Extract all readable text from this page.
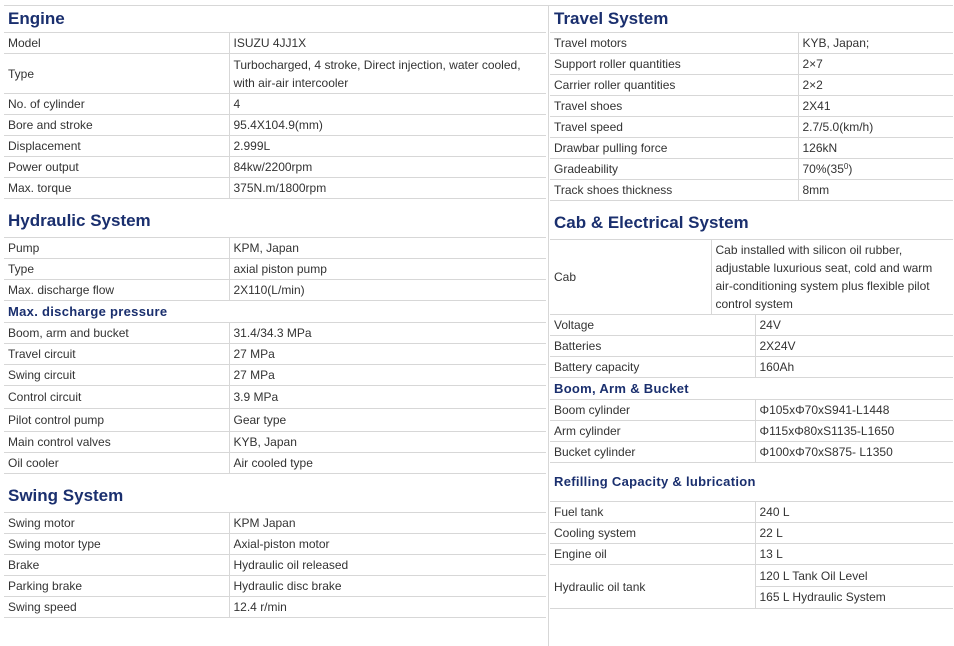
Engine
Model	ISUZU 4JJ1X
Type	Turbocharged, 4 stroke, Direct injection, water cooled, with air-air intercooler
No. of cylinder	4
Bore and stroke	95.4X104.9(mm)
Displacement	2.999L
Power output	84kw/2200rpm
Max. torque	375N.m/1800rpm
Hydraulic System
Pump	KPM, Japan
Type	axial piston pump
Max. discharge flow	2X110(L/min)
Max. discharge pressure
Boom, arm and bucket	31.4/34.3 MPa
Travel circuit	27 MPa
Swing circuit	27 MPa
Control circuit	3.9 MPa
Pilot control pump	Gear type
Main control valves	KYB, Japan
Oil cooler	Air cooled type
Swing System
Swing motor	KPM Japan
Swing motor type	Axial-piston motor
Brake	Hydraulic oil released
Parking brake	Hydraulic disc brake
Swing speed	12.4 r/min
Travel System
Travel motors	KYB, Japan;
Support roller quantities	2×7
Carrier roller quantities	2×2
Travel shoes	2X41
Travel speed	2.7/5.0(km/h)
Drawbar pulling force	126kN
Gradeability	$70\%(35^0)$
Track shoes thickness	8mm
Cab & Electrical System
Cab	Cab installed with silicon oil rubber, adjustable luxurious seat, cold and warm air-conditioning system plus flexible pilot control system
Voltage	24V
Batteries	2X24V
Battery capacity	160Ah
Boom, Arm & Bucket
Boom cylinder	Φ105xΦ70xS941-L1448
Arm cylinder	Φ115xΦ80xS1135-L1650
Bucket cylinder	Φ100xΦ70xS875- L1350
Refilling Capacity & lubrication
Fuel tank	240 L
Cooling system	22 L
Engine oil	13 L
Hydraulic oil tank	120 L Tank Oil Level
165 L Hydraulic System
